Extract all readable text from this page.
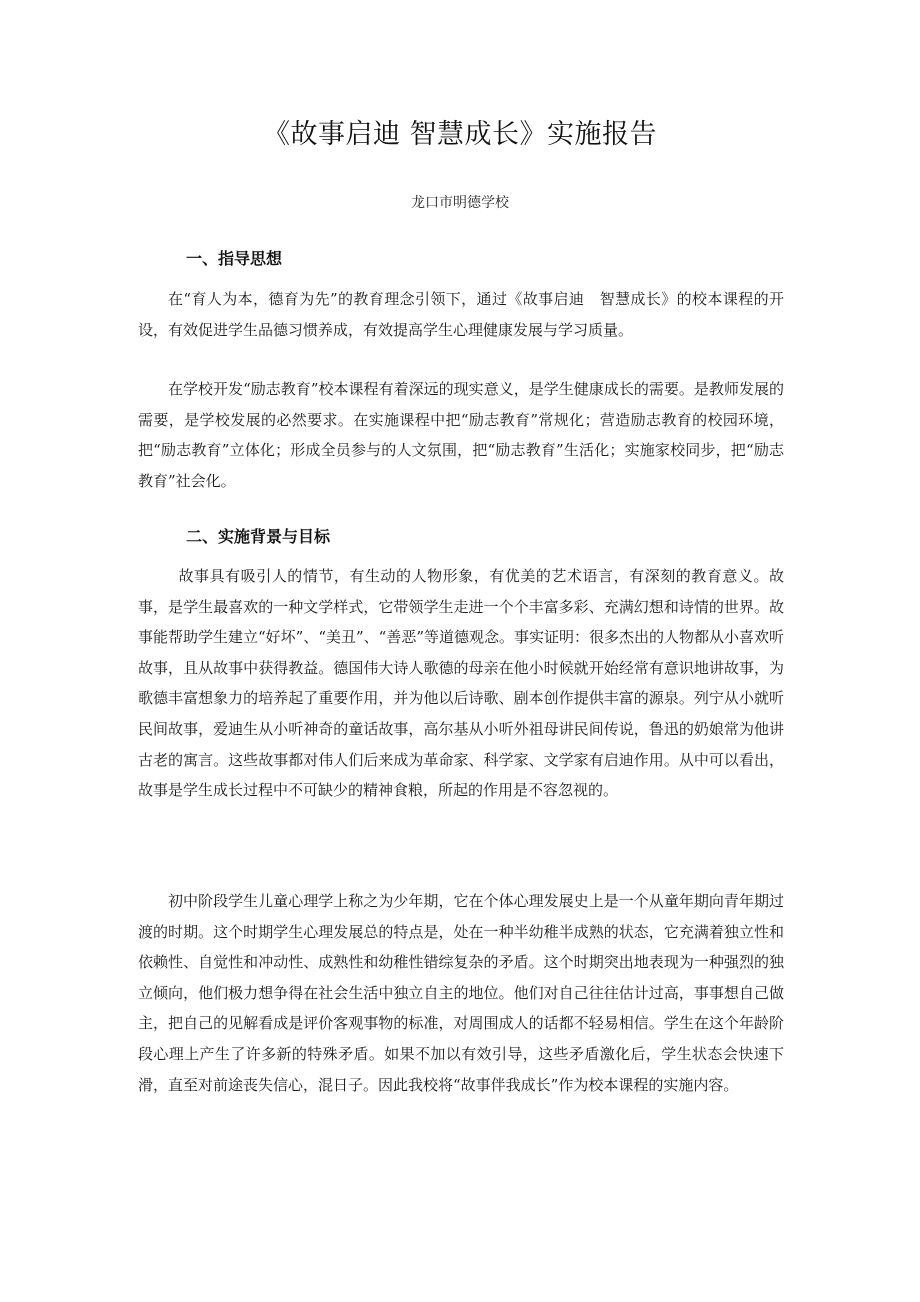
《故事启迪 智慧成长》实施报告
龙口市明德学校
一、指导思想
在“育人为本，德育为先”的教育理念引领下，通过《故事启迪　智慧成长》的校本课程的开设，有效促进学生品德习惯养成，有效提高学生心理健康发展与学习质量。
在学校开发“励志教育”校本课程有着深远的现实意义，是学生健康成长的需要。是教师发展的需要，是学校发展的必然要求。在实施课程中把“励志教育”常规化；营造励志教育的校园环境，把“励志教育”立体化；形成全员参与的人文氛围，把“励志教育”生活化；实施家校同步，把“励志教育”社会化。
二、实施背景与目标
故事具有吸引人的情节，有生动的人物形象，有优美的艺术语言，有深刻的教育意义。故事，是学生最喜欢的一种文学样式，它带领学生走进一个个丰富多彩、充满幻想和诗情的世界。故事能帮助学生建立“好坏”、“美丑”、“善恶”等道德观念。事实证明：很多杰出的人物都从小喜欢听故事，且从故事中获得教益。德国伟大诗人歌德的母亲在他小时候就开始经常有意识地讲故事，为歌德丰富想象力的培养起了重要作用，并为他以后诗歌、剧本创作提供丰富的源泉。列宁从小就听民间故事，爱迪生从小听神奇的童话故事，高尔基从小听外祖母讲民间传说，鲁迅的奶娘常为他讲古老的寓言。这些故事都对伟人们后来成为革命家、科学家、文学家有启迪作用。从中可以看出，故事是学生成长过程中不可缺少的精神食粮，所起的作用是不容忽视的。
初中阶段学生儿童心理学上称之为少年期，它在个体心理发展史上是一个从童年期向青年期过渡的时期。这个时期学生心理发展总的特点是，处在一种半幼稚半成熟的状态，它充满着独立性和依赖性、自觉性和冲动性、成熟性和幼稚性错综复杂的矛盾。这个时期突出地表现为一种强烈的独立倾向，他们极力想争得在社会生活中独立自主的地位。他们对自己往往估计过高，事事想自己做主，把自己的见解看成是评价客观事物的标准，对周围成人的话都不轻易相信。学生在这个年龄阶段心理上产生了许多新的特殊矛盾。如果不加以有效引导，这些矛盾激化后，学生状态会快速下滑，直至对前途丧失信心，混日子。因此我校将“故事伴我成长”作为校本课程的实施内容。
